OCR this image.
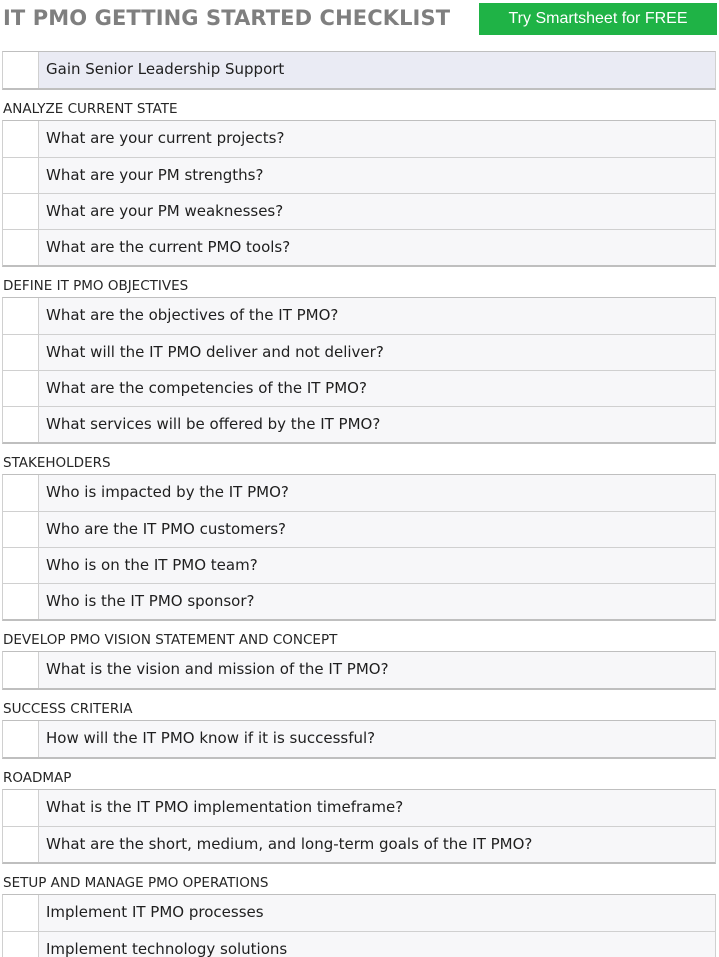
IT PMO GETTING STARTED CHECKLIST	Try Smartsheet for FREE
Gain Senior Leadership Support
ANALYZE CURRENT STATE
What are your current projects?
What are your PM strengths?
What are your PM weaknesses?
What are the current PMO tools?
DEFINE IT PMO OBJECTIVES
What are the objectives of the IT PMO?
What will the IT PMO deliver and not deliver?
What are the competencies of the IT PMO?
What services will be offered by the IT PMO?
STAKEHOLDERS
Who is impacted by the IT PMO?
Who are the IT PMO customers?
Who is on the IT PMO team?
Who is the IT PMO sponsor?
DEVELOP PMO VISION STATEMENT AND CONCEPT
What is the vision and mission of the IT PMO?
SUCCESS CRITERIA
How will the IT PMO know if it is successful?
ROADMAP
What is the IT PMO implementation timeframe?
What are the short, medium, and long-term goals of the IT PMO?
SETUP AND MANAGE PMO OPERATIONS
Implement IT PMO processes
Implement technology solutions
